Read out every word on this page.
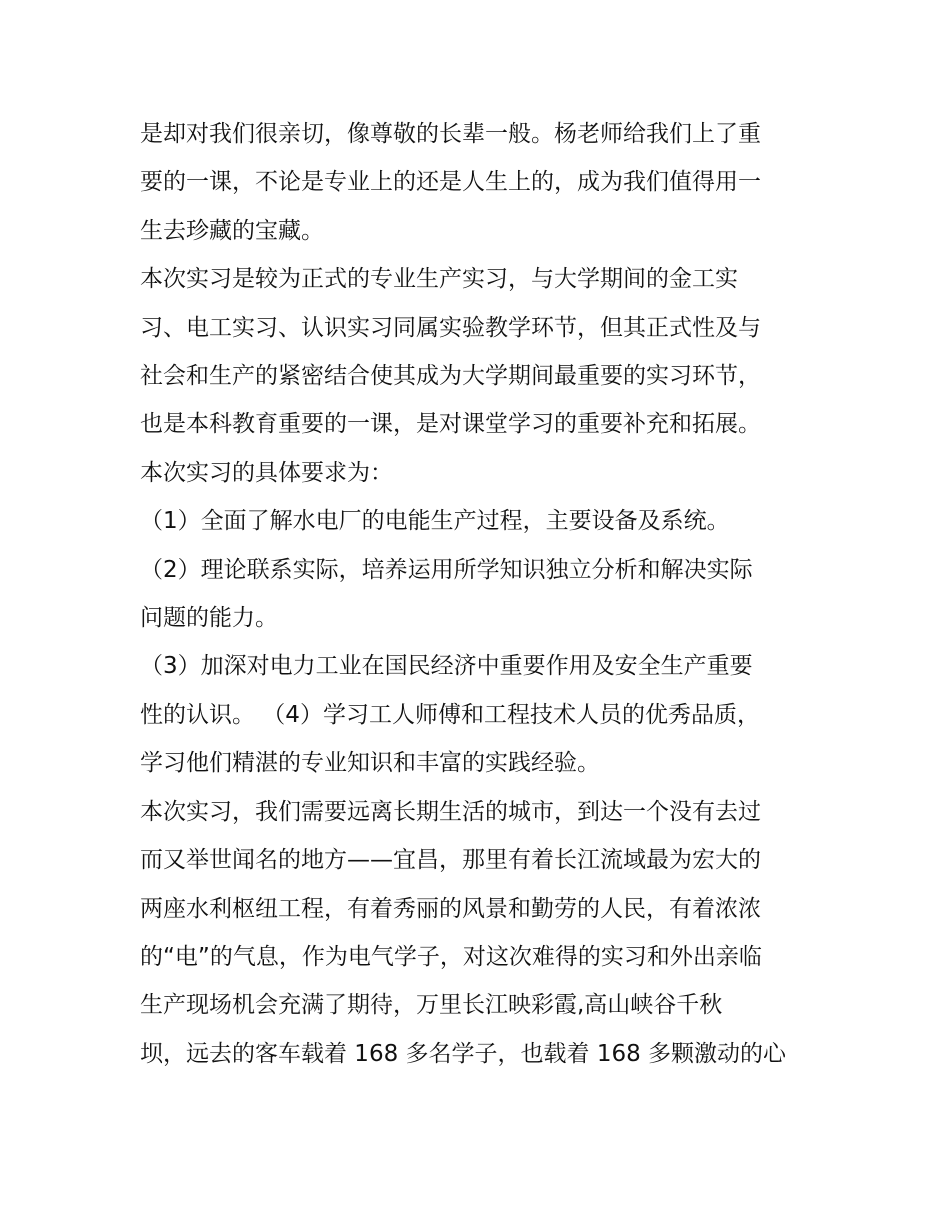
是却对我们很亲切，像尊敬的长辈一般。杨老师给我们上了重
要的一课，不论是专业上的还是人生上的，成为我们值得用一
生去珍藏的宝藏。
本次实习是较为正式的专业生产实习，与大学期间的金工实
习、电工实习、认识实习同属实验教学环节，但其正式性及与
社会和生产的紧密结合使其成为大学期间最重要的实习环节，
也是本科教育重要的一课，是对课堂学习的重要补充和拓展。
本次实习的具体要求为：
（1）全面了解水电厂的电能生产过程，主要设备及系统。
（2）理论联系实际，培养运用所学知识独立分析和解决实际
问题的能力。
（3）加深对电力工业在国民经济中重要作用及安全生产重要
性的认识。 （4）学习工人师傅和工程技术人员的优秀品质，
学习他们精湛的专业知识和丰富的实践经验。
本次实习，我们需要远离长期生活的城市，到达一个没有去过
而又举世闻名的地方——宜昌，那里有着长江流域最为宏大的
两座水利枢纽工程，有着秀丽的风景和勤劳的人民，有着浓浓
的“电”的气息，作为电气学子，对这次难得的实习和外出亲临
生产现场机会充满了期待，万里长江映彩霞,高山峡谷千秋
坝，远去的客车载着 168 多名学子，也载着 168 多颗激动的心
